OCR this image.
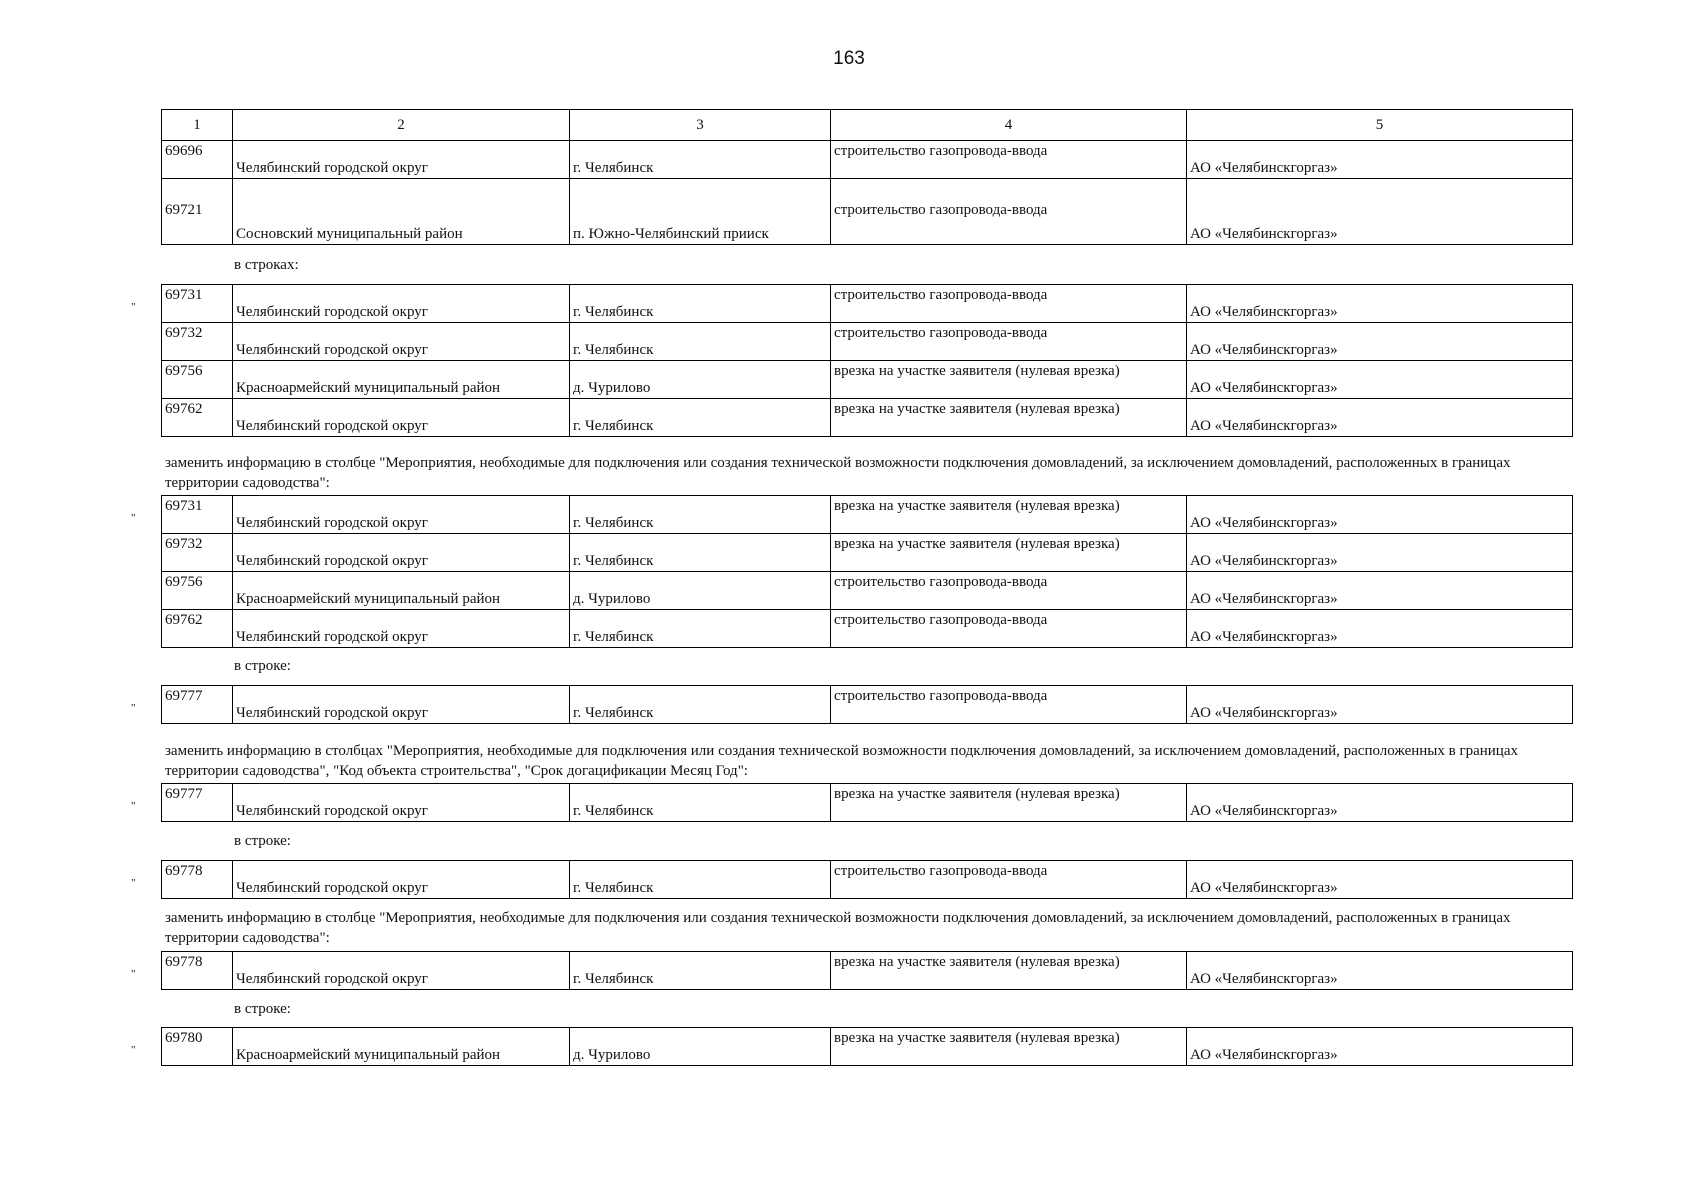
163
1	2	3	4	5
69696	Челябинский городской округ	г. Челябинск	строительство газопровода-ввода	АО «Челябинскгоргаз»
69721	Сосновский муниципальный район	п. Южно-Челябинский прииск	строительство газопровода-ввода	АО «Челябинскгоргаз»
в строках:
"
69731	Челябинский городской округ	г. Челябинск	строительство газопровода-ввода	АО «Челябинскгоргаз»
69732	Челябинский городской округ	г. Челябинск	строительство газопровода-ввода	АО «Челябинскгоргаз»
69756	Красноармейский муниципальный район	д. Чурилово	врезка на участке заявителя (нулевая врезка)	АО «Челябинскгоргаз»
69762	Челябинский городской округ	г. Челябинск	врезка на участке заявителя (нулевая врезка)	АО «Челябинскгоргаз»
заменить информацию в столбце "Мероприятия, необходимые для подключения или создания технической возможности подключения домовладений, за исключением домовладений, расположенных в границах территории садоводства":
"
69731	Челябинский городской округ	г. Челябинск	врезка на участке заявителя (нулевая врезка)	АО «Челябинскгоргаз»
69732	Челябинский городской округ	г. Челябинск	врезка на участке заявителя (нулевая врезка)	АО «Челябинскгоргаз»
69756	Красноармейский муниципальный район	д. Чурилово	строительство газопровода-ввода	АО «Челябинскгоргаз»
69762	Челябинский городской округ	г. Челябинск	строительство газопровода-ввода	АО «Челябинскгоргаз»
в строке:
"
69777	Челябинский городской округ	г. Челябинск	строительство газопровода-ввода	АО «Челябинскгоргаз»
заменить информацию в столбцах "Мероприятия, необходимые для подключения или создания технической возможности подключения домовладений, за исключением домовладений, расположенных в границах территории садоводства", "Код объекта строительства", "Срок догацификации Месяц Год":
"
69777	Челябинский городской округ	г. Челябинск	врезка на участке заявителя (нулевая врезка)	АО «Челябинскгоргаз»
в строке:
"
69778	Челябинский городской округ	г. Челябинск	строительство газопровода-ввода	АО «Челябинскгоргаз»
заменить информацию в столбце "Мероприятия, необходимые для подключения или создания технической возможности подключения домовладений, за исключением домовладений, расположенных в границах территории садоводства":
"
69778	Челябинский городской округ	г. Челябинск	врезка на участке заявителя (нулевая врезка)	АО «Челябинскгоргаз»
в строке:
"
69780	Красноармейский муниципальный район	д. Чурилово	врезка на участке заявителя (нулевая врезка)	АО «Челябинскгоргаз»
